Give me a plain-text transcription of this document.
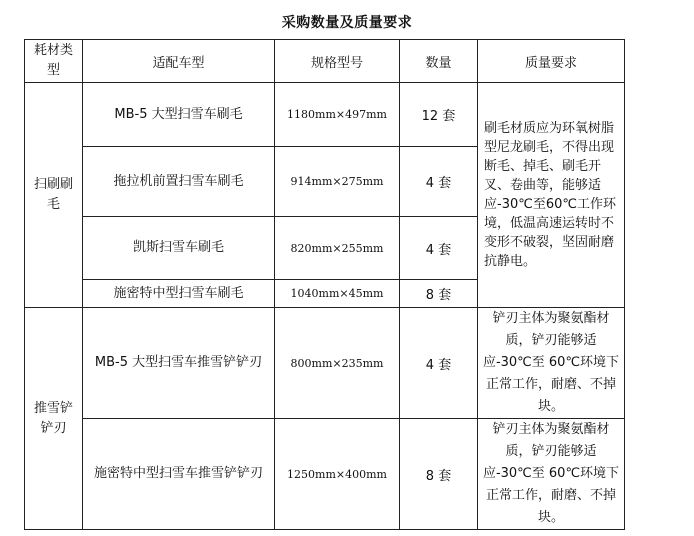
采购数量及质量要求
耗材类型	适配车型	规格型号	数量	质量要求
扫刷刷毛	MB-5 大型扫雪车刷毛	1180mm×497mm	12 套	刷毛材质应为环氧树脂型尼龙刷毛，不得出现断毛、掉毛、刷毛开叉、卷曲等，能够适应-30℃至60℃工作环境，低温高速运转时不变形不破裂，坚固耐磨抗静电。
	拖拉机前置扫雪车刷毛	914mm×275mm	4 套	
	凯斯扫雪车刷毛	820mm×255mm	4 套	
	施密特中型扫雪车刷毛	1040mm×45mm	8 套	
推雪铲铲刃	MB-5 大型扫雪车推雪铲铲刃	800mm×235mm	4 套	铲刃主体为聚氨酯材质，铲刃能够适应-30℃至 60℃环境下正常工作，耐磨、不掉块。
	施密特中型扫雪车推雪铲铲刃	1250mm×400mm	8 套	铲刃主体为聚氨酯材质，铲刃能够适应-30℃至 60℃环境下正常工作，耐磨、不掉块。
